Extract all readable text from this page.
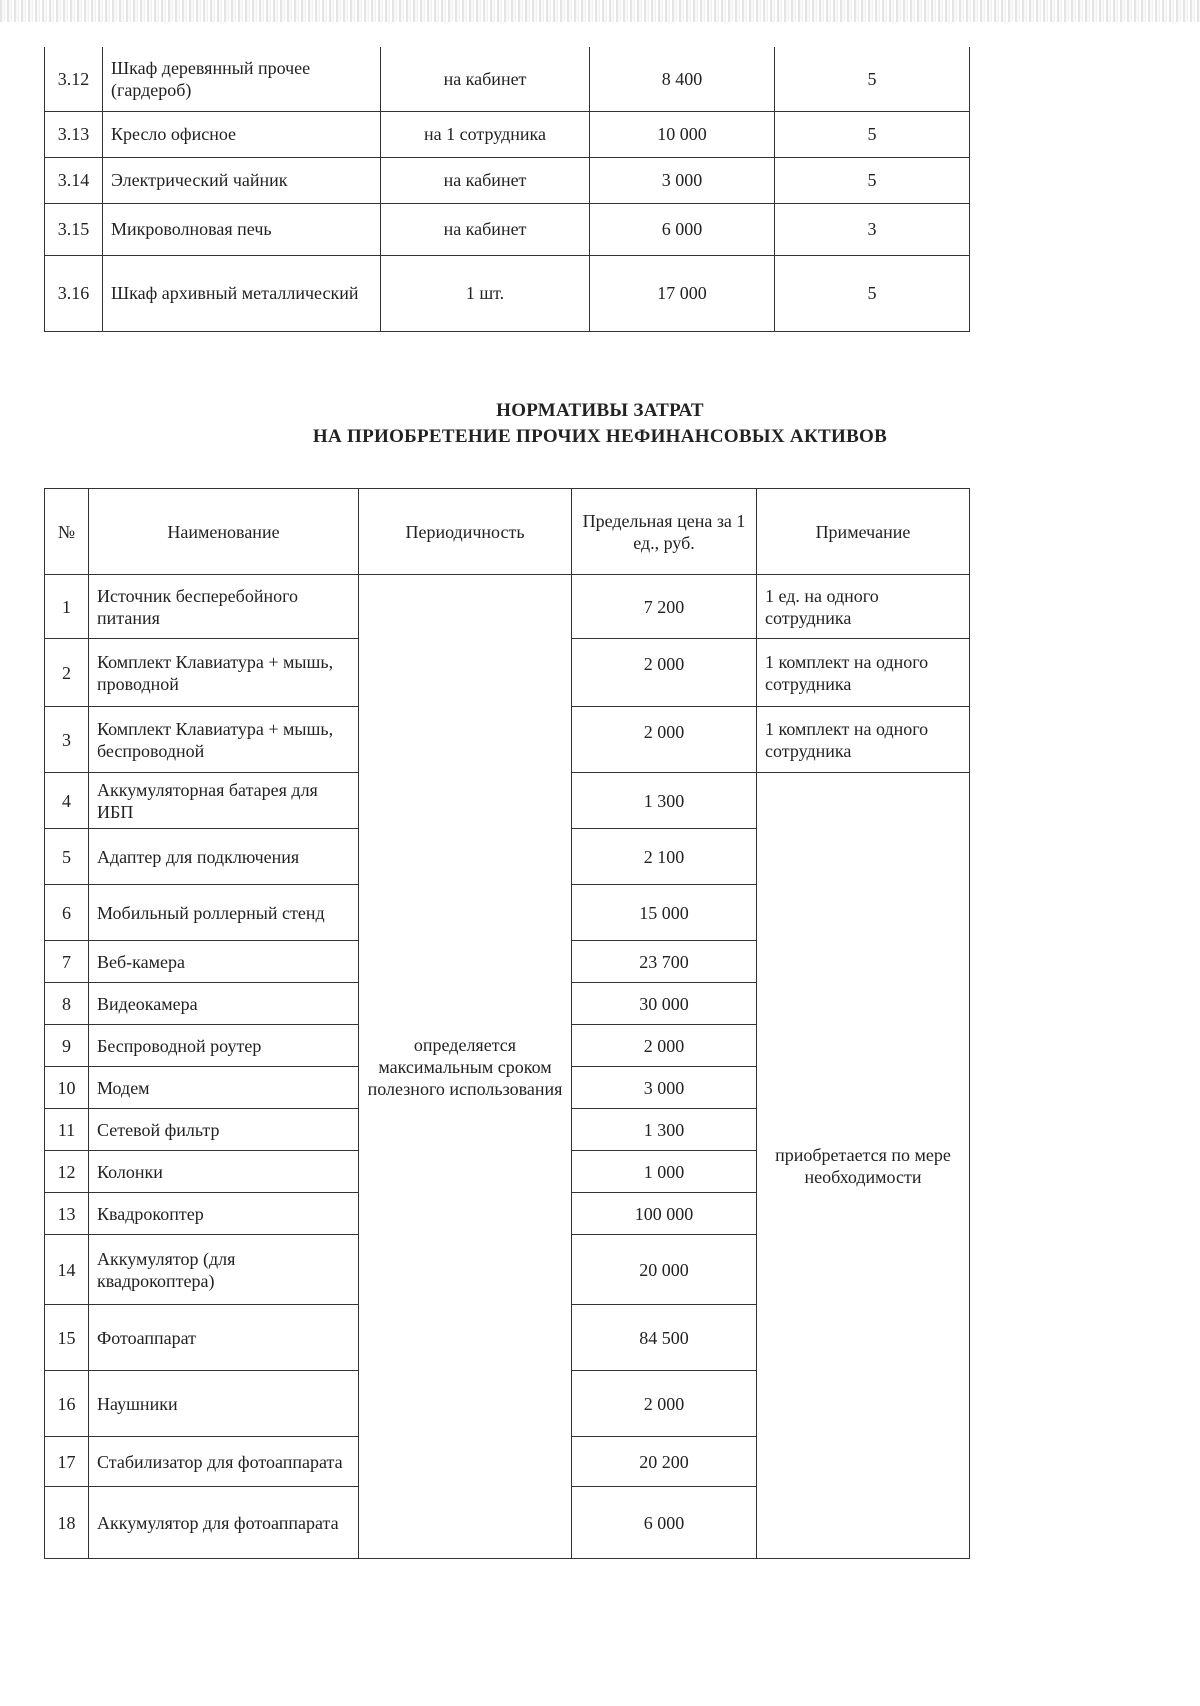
3.12	Шкаф деревянный прочее (гардероб)	на кабинет	8 400	5
3.13	Кресло офисное	на 1 сотрудника	10 000	5
3.14	Электрический чайник	на кабинет	3 000	5
3.15	Микроволновая печь	на кабинет	6 000	3
3.16	Шкаф архивный металлический	1 шт.	17 000	5
НОРМАТИВЫ ЗАТРАТ
НА ПРИОБРЕТЕНИЕ ПРОЧИХ НЕФИНАНСОВЫХ АКТИВОВ
№	Наименование	Периодичность	Предельная цена за 1 ед., руб.	Примечание
1	Источник бесперебойного питания	определяется максимальным сроком полезного использования	7 200	1 ед. на одного сотрудника
2	Комплект Клавиатура + мышь, проводной		2 000	1 комплект на одного сотрудника
3	Комплект Клавиатура + мышь, беспроводной		2 000	1 комплект на одного сотрудника
4	Аккумуляторная батарея для ИБП		1 300	приобретается по мере необходимости
5	Адаптер для подключения		2 100	
6	Мобильный роллерный стенд		15 000	
7	Веб-камера		23 700	
8	Видеокамера		30 000	
9	Беспроводной роутер		2 000	
10	Модем		3 000	
11	Сетевой фильтр		1 300	
12	Колонки		1 000	
13	Квадрокоптер		100 000	
14	Аккумулятор (для квадрокоптера)		20 000	
15	Фотоаппарат		84 500	
16	Наушники		2 000	
17	Стабилизатор для фотоаппарата		20 200	
18	Аккумулятор для фотоаппарата		6 000	
